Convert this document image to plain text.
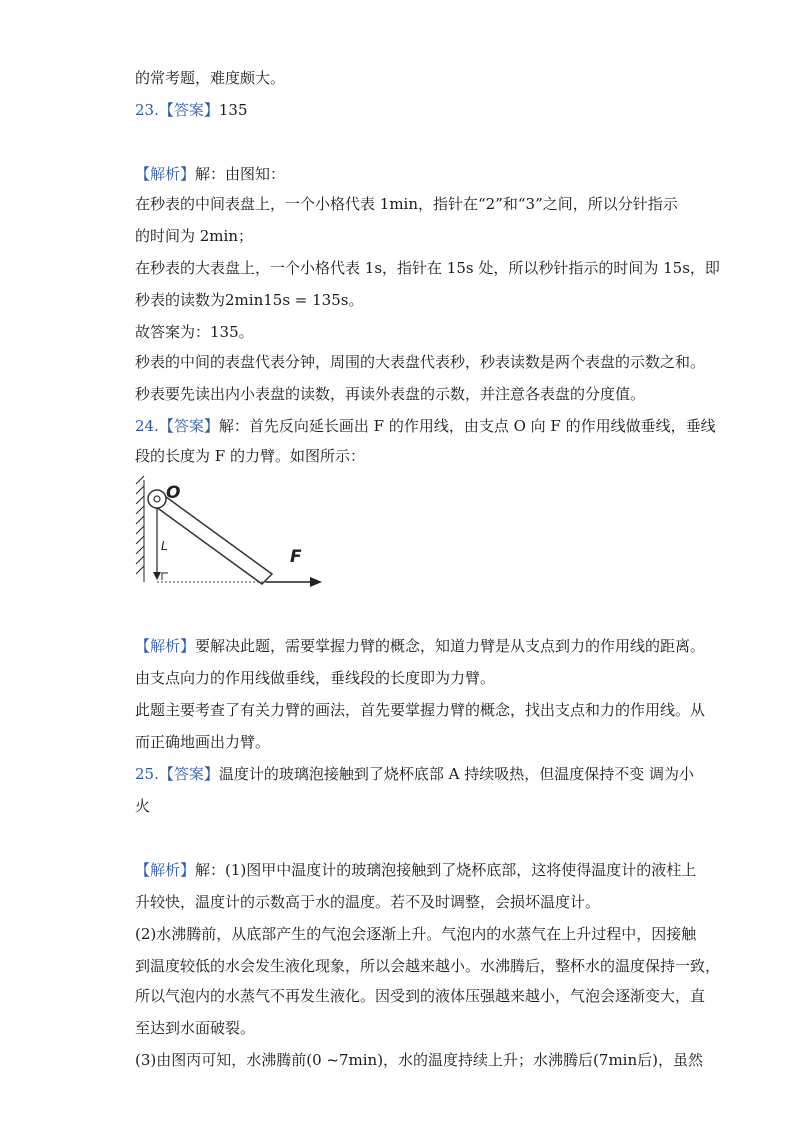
的常考题，难度颇大。
23.【答案】135
【解析】解：由图知：
在秒表的中间表盘上，一个小格代表 1min，指针在“2”和“3”之间，所以分针指示
的时间为 2min；
在秒表的大表盘上，一个小格代表 1s，指针在 15s 处，所以秒针指示的时间为 15s，即
秒表的读数为2min15s = 135s。
故答案为：135。
秒表的中间的表盘代表分钟，周围的大表盘代表秒，秒表读数是两个表盘的示数之和。
秒表要先读出内小表盘的读数，再读外表盘的示数，并注意各表盘的分度值。
24.【答案】解：首先反向延长画出 F 的作用线，由支点 O 向 F 的作用线做垂线，垂线
段的长度为 F 的力臂。如图所示：
O
L
F
【解析】要解决此题，需要掌握力臂的概念，知道力臂是从支点到力的作用线的距离。
由支点向力的作用线做垂线，垂线段的长度即为力臂。
此题主要考查了有关力臂的画法，首先要掌握力臂的概念，找出支点和力的作用线。从
而正确地画出力臂。
25.【答案】温度计的玻璃泡接触到了烧杯底部 A 持续吸热，但温度保持不变 调为小
火
【解析】解：(1)图甲中温度计的玻璃泡接触到了烧杯底部，这将使得温度计的液柱上
升较快，温度计的示数高于水的温度。若不及时调整，会损坏温度计。
(2)水沸腾前，从底部产生的气泡会逐渐上升。气泡内的水蒸气在上升过程中，因接触
到温度较低的水会发生液化现象，所以会越来越小。水沸腾后，整杯水的温度保持一致，
所以气泡内的水蒸气不再发生液化。因受到的液体压强越来越小，气泡会逐渐变大，直
至达到水面破裂。
(3)由图丙可知，水沸腾前(0 ~7min)，水的温度持续上升；水沸腾后(7min后)，虽然
